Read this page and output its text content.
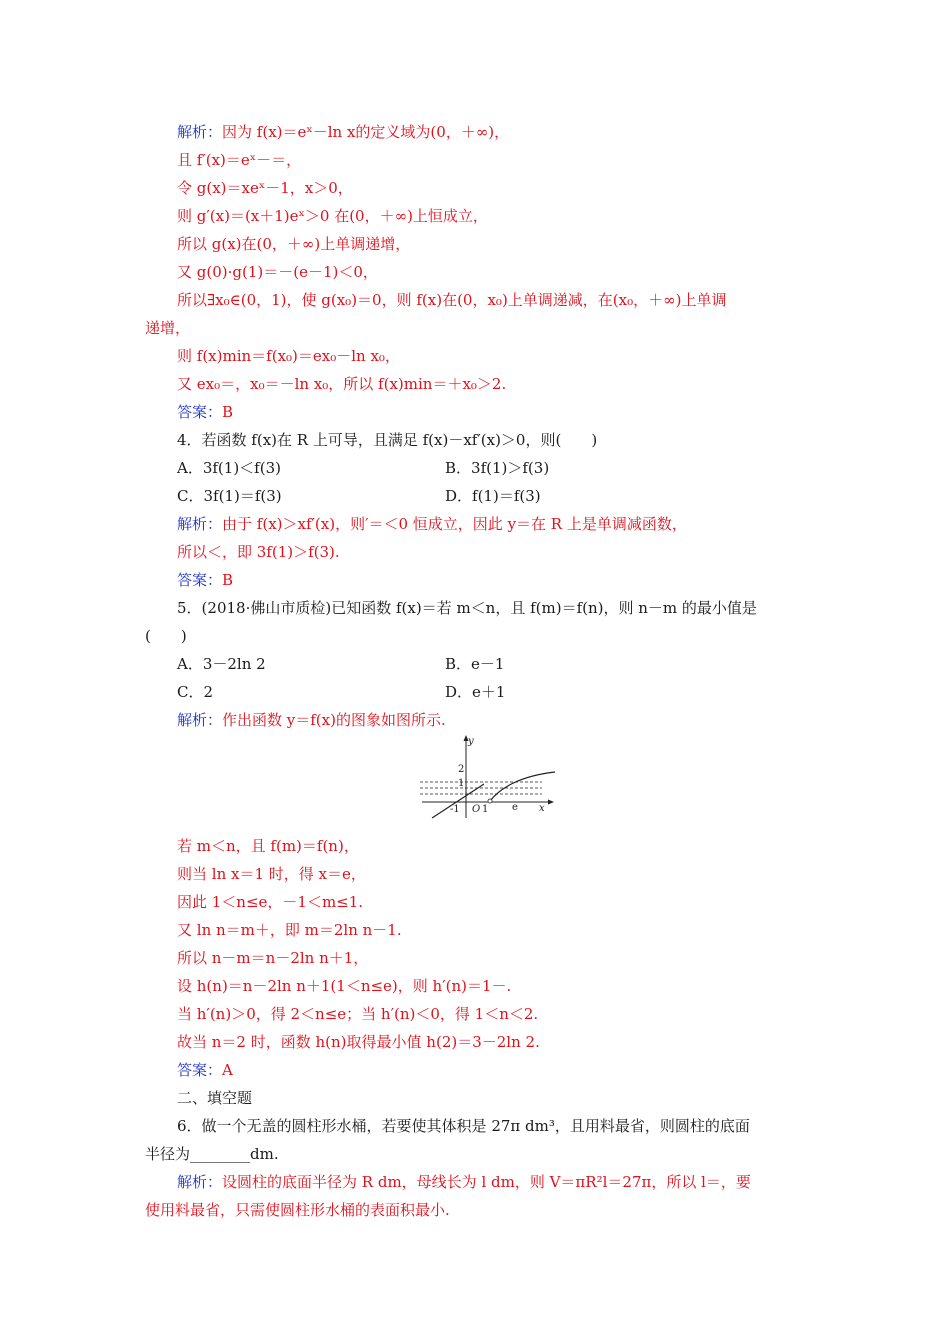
解析：因为 f(x)＝eˣ－ln x的定义域为(0，＋∞)，
且 f′(x)＝eˣ－＝，
令 g(x)＝xeˣ－1，x＞0，
则 g′(x)＝(x＋1)eˣ＞0 在(0，＋∞)上恒成立，
所以 g(x)在(0，＋∞)上单调递增，
又 g(0)·g(1)＝－(e－1)＜0，
所以∃x₀∈(0，1)，使 g(x₀)＝0，则 f(x)在(0，x₀)上单调递减，在(x₀，＋∞)上单调
递增，
则 f(x)min＝f(x₀)＝ex₀－ln x₀，
又 ex₀＝，x₀＝－ln x₀，所以 f(x)min＝＋x₀＞2.
答案：B
4．若函数 f(x)在 R 上可导，且满足 f(x)－xf′(x)＞0，则(　　)
A．3f(1)＜f(3)	B．3f(1)＞f(3)
C．3f(1)＝f(3)	D．f(1)＝f(3)
解析：由于 f(x)＞xf′(x)，则′＝＜0 恒成立，因此 y＝在 R 上是单调减函数，
所以＜，即 3f(1)＞f(3).
答案：B
5．(2018·佛山市质检)已知函数 f(x)＝若 m＜n，且 f(m)＝f(n)，则 n－m 的最小值是
(　　)
A．3－2ln 2	B．e－1
C．2	D．e＋1
解析：作出函数 y＝f(x)的图象如图所示.
y
x
2
1
-1 O 1 e
若 m＜n，且 f(m)＝f(n)，
则当 ln x＝1 时，得 x＝e，
因此 1＜n≤e，－1＜m≤1.
又 ln n＝m＋，即 m＝2ln n－1.
所以 n－m＝n－2ln n＋1，
设 h(n)＝n－2ln n＋1(1＜n≤e)，则 h′(n)＝1－.
当 h′(n)＞0，得 2＜n≤e；当 h′(n)＜0，得 1＜n＜2.
故当 n＝2 时，函数 h(n)取得最小值 h(2)＝3－2ln 2.
答案：A
二、填空题
6．做一个无盖的圆柱形水桶，若要使其体积是 27π dm³，且用料最省，则圆柱的底面
半径为________dm.
解析：设圆柱的底面半径为 R dm，母线长为 l dm，则 V＝πR²l＝27π，所以 l＝，要
使用料最省，只需使圆柱形水桶的表面积最小.
